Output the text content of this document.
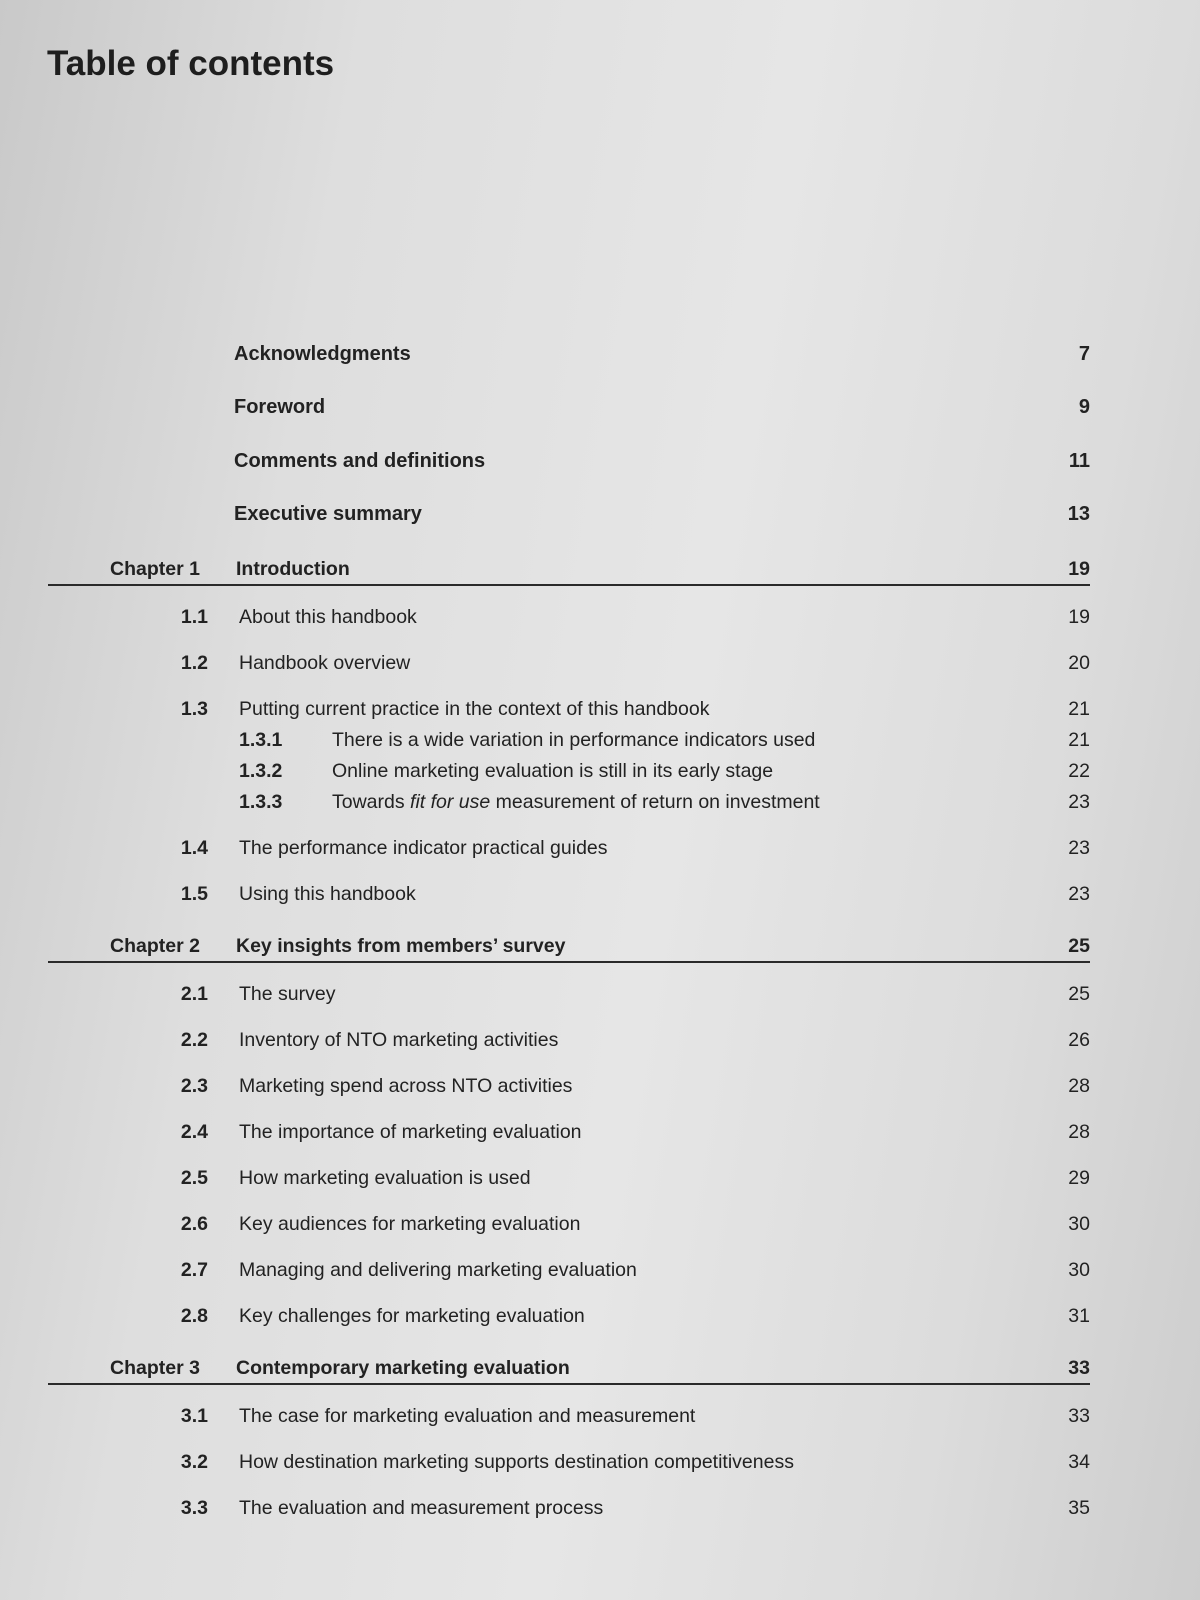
Table of contents
Acknowledgments	7
Foreword	9
Comments and definitions	11
Executive summary	13
Chapter 1 Introduction	19
1.1 About this handbook	19
1.2 Handbook overview	20
1.3 Putting current practice in the context of this handbook	21
1.3.1	There is a wide variation in performance indicators used	21
1.3.2	Online marketing evaluation is still in its early stage	22
1.3.3	Towards fit for use measurement of return on investment	23
1.4 The performance indicator practical guides	23
1.5 Using this handbook	23
Chapter 2 Key insights from members’ survey	25
2.1 The survey	25
2.2 Inventory of NTO marketing activities	26
2.3 Marketing spend across NTO activities	28
2.4 The importance of marketing evaluation	28
2.5 How marketing evaluation is used	29
2.6 Key audiences for marketing evaluation	30
2.7 Managing and delivering marketing evaluation	30
2.8 Key challenges for marketing evaluation	31
Chapter 3 Contemporary marketing evaluation	33
3.1 The case for marketing evaluation and measurement	33
3.2 How destination marketing supports destination competitiveness	34
3.3 The evaluation and measurement process	35
